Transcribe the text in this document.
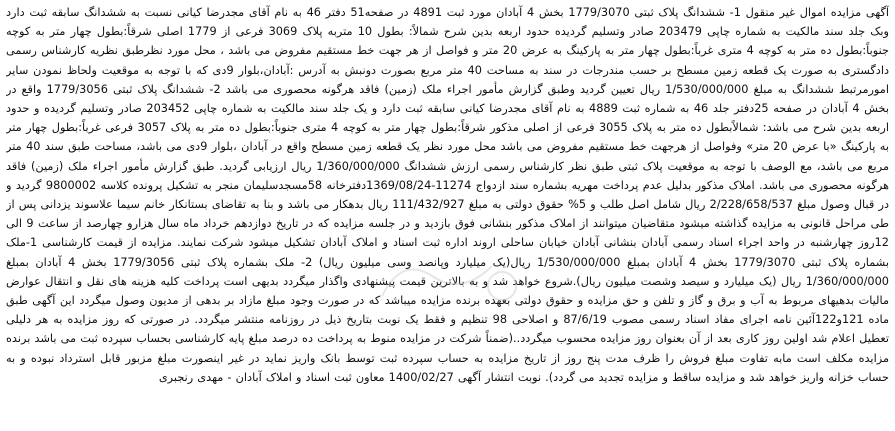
آگهی مزایده اموال غیر منقول 1- ششدانگ پلاک ثبتی 1779/3070 بخش 4 آبادان مورد ثبت 4891 در صفحه51 دفتر 46 به نام آقای مجدرضا کیانی نسبت به ششدانگ سابقه ثبت دارد وبک جلد سند مالکیت به شماره چاپی 203479 صادر وتسلیم گردیده حدود اربعه بدین شرح شمالاً: بطول 10 متربه پلاک 3069 فرعی از 1779 اصلی شرقاً:بطول چهار متر به کوچه جنوباً:بطول ده متر به کوچه 4 متری غرباً:بطول چهار متر به پارکینگ به عرض 20 متر و فواصل از هر جهت خط مستقیم مفروض می باشد ، محل مورد نظرطبق نظریه کارشناس رسمی دادگستری به صورت یک قطعه زمین مسطح بر حسب مندرجات در سند به مساحت 40 متر مربع بصورت دونبش به آدرس :آبادان،بلوار 9دی که با توجه به موقعیت ولحاظ نمودن سایر امورمرتبط ششدانگ به مبلغ 1/530/000/000 ریال تعیین گردید وطبق گزارش مأمور اجراء ملک (زمین) فاقد هرگونه محصوری می باشد 2- ششدانگ پلاک ثبتی 1779/3056 واقع در بخش 4 آبادان در صفحه 25دفتر جلد 46 به شماره ثبت 4889 به نام آقای مجدرضا کیانی سابقه ثبت دارد و یک جلد سند مالکیت به شماره چاپی 203452 صادر وتسلیم گردیده و حدود اربعه بدین شرح می باشد: شمالاًبطول ده متر به پلاک 3055 فرعی از اصلی مذکور شرقاً:بطول چهار متر به کوچه 4 متری جنوباً:بطول ده متر به پلاک 3057 فرعی غرباً:بطول چهار متر به پارکینگ «با عرض 20 متر» وفواصل از هرجهت خط مستقیم مفروض می باشد محل مورد نظر یک قطعه زمین مسطح واقع در آبادان ،بلوار 9دی می باشد، مساحت طبق سند 40 متر مربع می باشد، مع الوصف با توجه به موقعیت پلاک ثبتی طبق نظر کارشناس رسمی ارزش ششدانگ 1/360/000/000 ریال ارزیابی گردید. طبق گزارش مأمور اجراء ملک (زمین) فاقد هرگونه محصوری می باشد. املاک مذکور بدلیل عدم پرداخت مهریه بشماره سند ازدواج 11274-1369/08/24دفترخانه 58مسجدسلیمان منجر به تشکیل پرونده کلاسه 9800002 گردید و در قبال وصول مبلغ 2/228/658/537 ریال شامل اصل طلب و 5% حقوق دولتی به مبلغ 111/432/927 ریال بدهکار می باشد و بنا به تقاضای بستانکار خانم سیما علاسوند یزدانی پس از طی مراحل قانونی به مزایده گذاشته میشود متقاضیان میتوانند از املاک مذکور بنشانی فوق بازدید و در جلسه مزایده که در تاریخ دوازدهم خرداد ماه سال هزارو چهارصد از ساعت 9 الی 12روز چهارشنبه در واحد اجراء اسناد رسمی آبادان بنشانی آبادان خیابان ساحلی اروند اداره ثبت اسناد و املاک آبادان تشکیل میشود شرکت نمایند. مزایده از قیمت کارشناسی 1-ملک بشماره پلاک ثبتی 1779/3070 بخش 4 آبادان بمبلغ 1/530/000/000 ریال(یک میلیارد وپانصد وسی میلیون ریال) 2- ملک بشماره پلاک ثبتی 1779/3056 بخش 4 آبادان بمبلغ 1/360/000/000 ریال (یک میلیارد و سیصد وشصت میلیون ریال).شروع خواهد شد و به بالاترین قیمت پیشنهادی واگذار میگردد بدیهی است پرداخت کلیه هزینه های نقل و انتقال عوارض مالیات بدهیهای مربوط به آب و برق و گاز و تلفن و حق مزایده و حقوق دولتی بعهده برنده مزایده میباشد که در صورت وجود مبلغ مازاد بر بدهی از مدیون وصول میگردد این آگهی طبق ماده 121و122آئین نامه اجرای مفاد اسناد رسمی مصوب 87/6/19 و اصلاحی 98 تنظیم و فقط یک نوبت بتاریخ ذیل در روزنامه منتشر میگردد. در صورتی که روز مزایده به هر دلیلی تعطیل اعلام شد اولین روز کاری بعد از آن بعنوان روز مزایده محسوب میگردد..(ضمناً شرکت در مزایده منوط به پرداخت ده درصد مبلغ پایه کارشناسی بحساب سپرده ثبت می باشد برنده مزایده مکلف است مابه تفاوت مبلغ فروش را ظرف مدت پنج روز از تاریخ مزایده به حساب سپرده ثبت توسط بانک واریز نماید در غیر اینصورت مبلغ مزبور قابل استرداد نبوده و به حساب خزانه واریز خواهد شد و مزایده ساقط و مزایده تجدید می گردد). نوبت انتشار آگهی 1400/02/27 معاون ثبت اسناد و املاک آبادان - مهدی رنجبری
